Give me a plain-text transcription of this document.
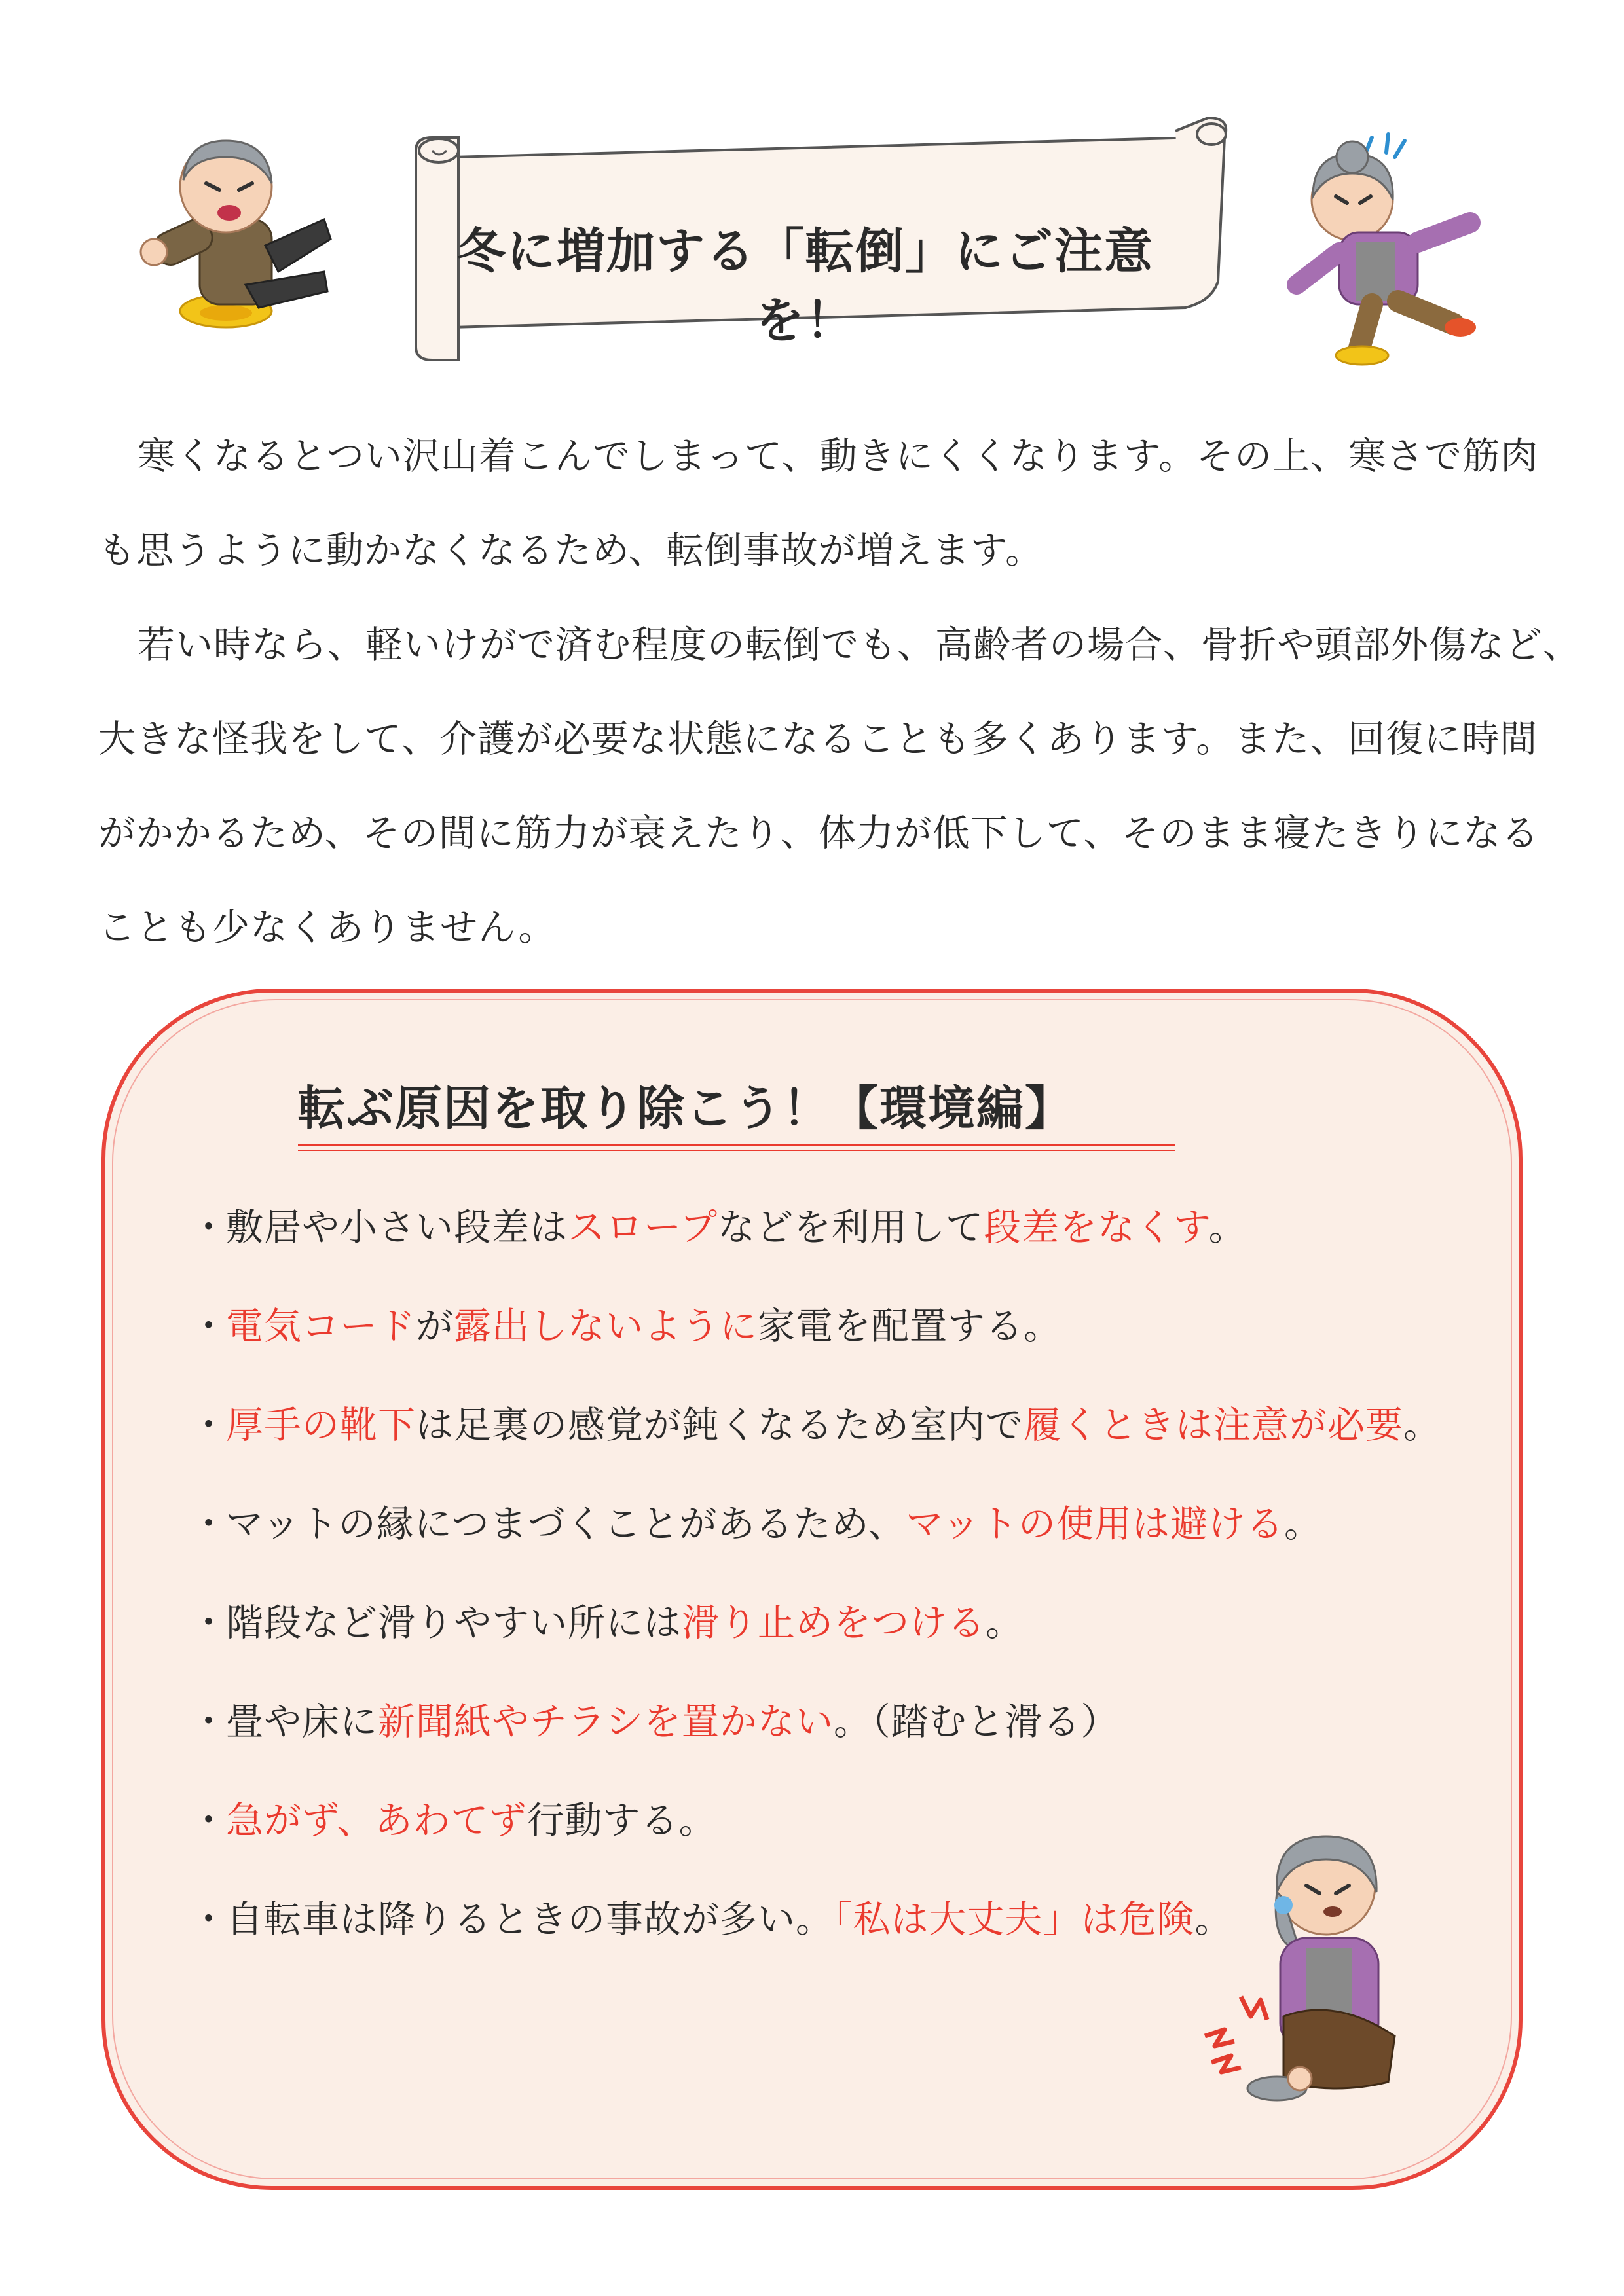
冬に増加する「転倒」にご注意を！

寒くなるとつい沢山着こんでしまって、動きにくくなります。その上、寒さで筋肉

も思うように動かなくなるため、転倒事故が増えます。

若い時なら、軽いけがで済む程度の転倒でも、高齢者の場合、骨折や頭部外傷など、

大きな怪我をして、介護が必要な状態になることも多くあります。また、回復に時間

がかかるため、その間に筋力が衰えたり、体力が低下して、そのまま寝たきりになる

ことも少なくありません。

転ぶ原因を取り除こう！【環境編】
・敷居や小さい段差はスロープなどを利用して段差をなくす。
・電気コードが露出しないように家電を配置する。
・厚手の靴下は足裏の感覚が鈍くなるため室内で履くときは注意が必要。
・マットの縁につまづくことがあるため、マットの使用は避ける。
・階段など滑りやすい所には滑り止めをつける。
・畳や床に新聞紙やチラシを置かない。（踏むと滑る）
・急がず、あわてず行動する。
・自転車は降りるときの事故が多い。「私は大丈夫」は危険。
